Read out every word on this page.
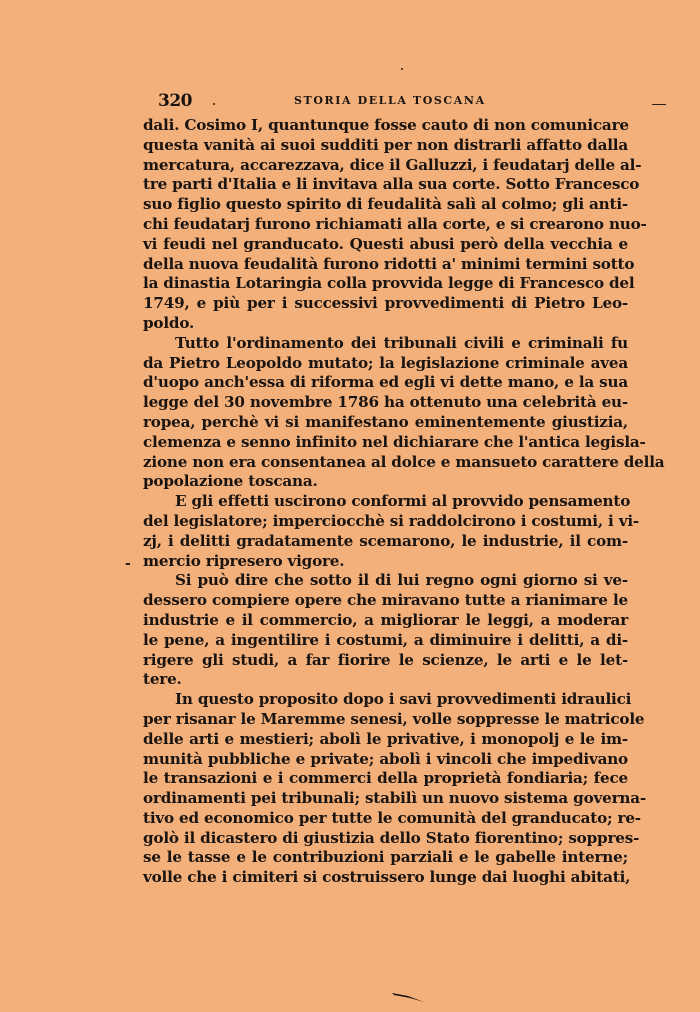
320	STORIA DELLA TOSCANA
-
dali. Cosimo I, quantunque fosse cauto di non comunicare
questa vanità ai suoi sudditi per non distrarli affatto dalla
mercatura, accarezzava, dice il Galluzzi, i feudatarj delle al-
tre parti d'Italia e li invitava alla sua corte. Sotto Francesco
suo figlio questo spirito di feudalità salì al colmo; gli anti-
chi feudatarj furono richiamati alla corte, e si crearono nuo-
vi feudi nel granducato. Questi abusi però della vecchia e
della nuova feudalità furono ridotti a' minimi termini sotto
la dinastia Lotaringia colla provvida legge di Francesco del
1749, e più per i successivi provvedimenti di Pietro Leo-
poldo.
Tutto l'ordinamento dei tribunali civili e criminali fu
da Pietro Leopoldo mutato; la legislazione criminale avea
d'uopo anch'essa di riforma ed egli vi dette mano, e la sua
legge del 30 novembre 1786 ha ottenuto una celebrità eu-
ropea, perchè vi si manifestano eminentemente giustizia,
clemenza e senno infinito nel dichiarare che l'antica legisla-
zione non era consentanea al dolce e mansueto carattere della
popolazione toscana.
E gli effetti uscirono conformi al provvido pensamento
del legislatore; imperciocchè si raddolcirono i costumi, i vi-
zj, i delitti gradatamente scemarono, le industrie, il com-
mercio ripresero vigore.
Si può dire che sotto il di lui regno ogni giorno si ve-
dessero compiere opere che miravano tutte a rianimare le
industrie e il commercio, a migliorar le leggi, a moderar
le pene, a ingentilire i costumi, a diminuire i delitti, a di-
rigere gli studi, a far fiorire le scienze, le arti e le let-
tere.
In questo proposito dopo i savi provvedimenti idraulici
per risanar le Maremme senesi, volle soppresse le matricole
delle arti e mestieri; abolì le privative, i monopolj e le im-
munità pubbliche e private; abolì i vincoli che impedivano
le transazioni e i commerci della proprietà fondiaria; fece
ordinamenti pei tribunali; stabilì un nuovo sistema governa-
tivo ed economico per tutte le comunità del granducato; re-
golò il dicastero di giustizia dello Stato fiorentino; soppres-
se le tasse e le contribuzioni parziali e le gabelle interne;
volle che i cimiteri si costruissero lunge dai luoghi abitati,
